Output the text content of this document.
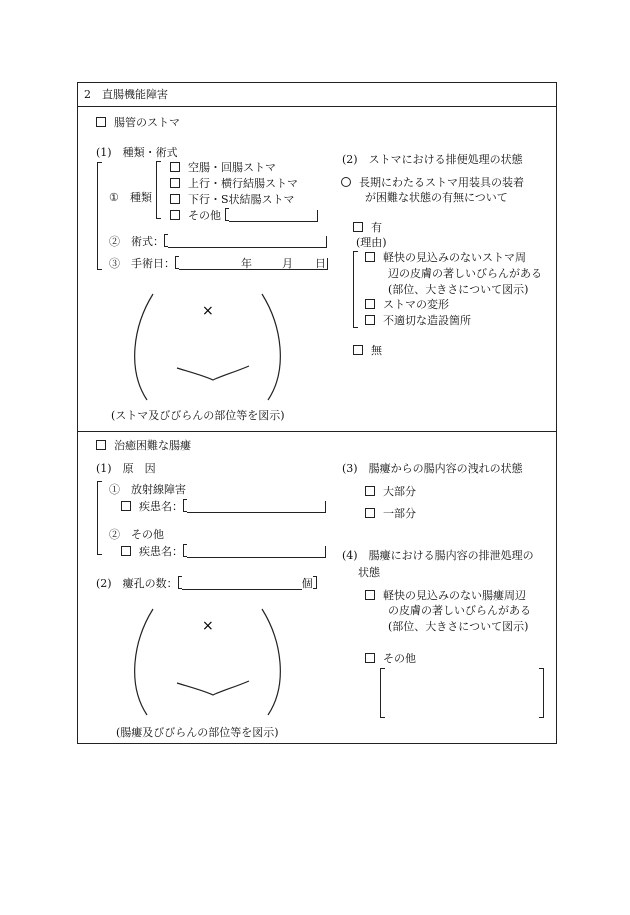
2　直腸機能障害
腸管のストマ
(1)　種類・術式
① 種類
空腸・回腸ストマ
上行・横行結腸ストマ
下行・S状結腸ストマ
その他
②　術式：
③　手術日：	年	月 日
×
(ストマ及びびらんの部位等を図示)
(2)　ストマにおける排便処理の状態
長期にわたるストマ用装具の装着
が困難な状態の有無について
有
(理由)
軽快の見込みのないストマ周
辺の皮膚の著しいびらんがある
(部位、大きさについて図示)
ストマの変形
不適切な造設箇所
無
治癒困難な腸瘻
(1)　原　因
①　放射線障害
疾患名：
②　その他
疾患名：
(2)　瘻孔の数：	個
×
(腸瘻及びびらんの部位等を図示)
(3)　腸瘻からの腸内容の洩れの状態
大部分
一部分
(4)　腸瘻における腸内容の排泄処理の
状態
軽快の見込みのない腸瘻周辺
の皮膚の著しいびらんがある
(部位、大きさについて図示)
その他
